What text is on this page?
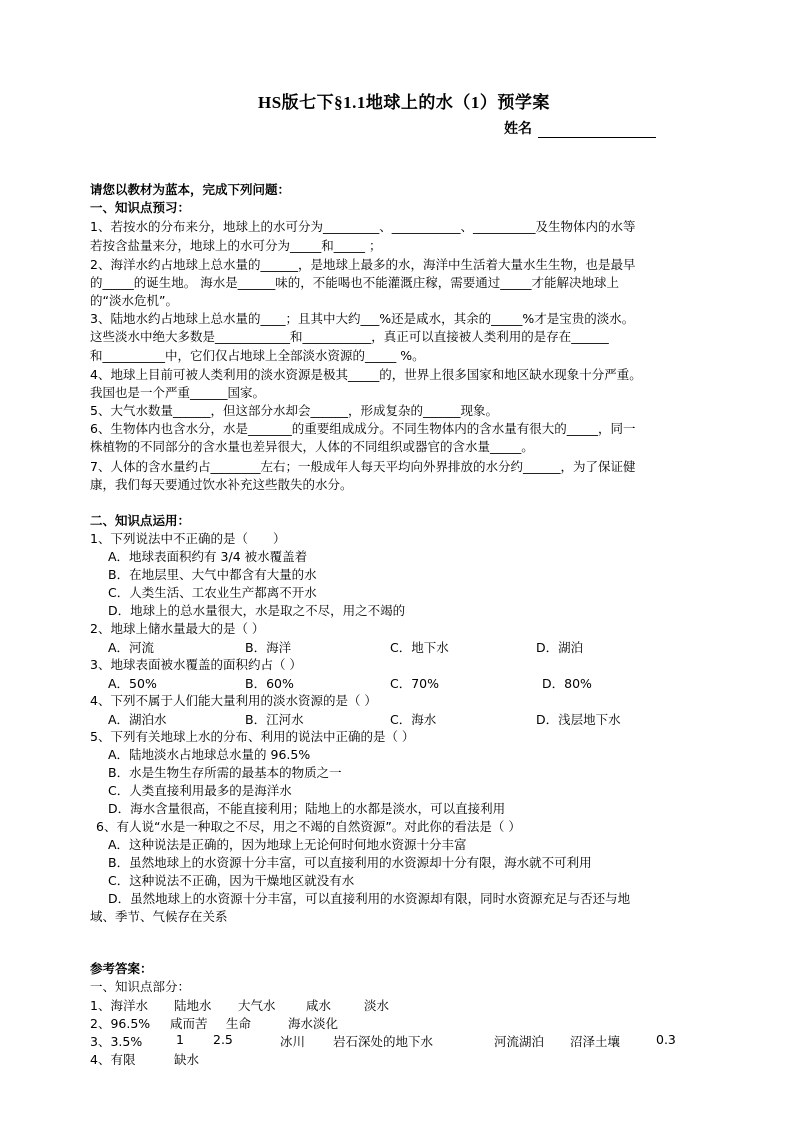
HS版七下§1.1地球上的水（1）预学案
姓名
请您以教材为蓝本，完成下列问题：
一、知识点预习：
1、若按水的分布来分，地球上的水可分为_________、___________、__________及生物体内的水等
若按含盐量来分，地球上的水可分为_____和_____ ；
2、海洋水约占地球上总水量的______，是地球上最多的水，海洋中生活着大量水生生物，也是最早
的_____的诞生地。 海水是______味的，不能喝也不能灌溉庄稼，需要通过_____才能解决地球上
的“淡水危机”。
3、陆地水约占地球上总水量的____；且其中大约___%还是咸水，其余的_____%才是宝贵的淡水。
这些淡水中绝大多数是____________和___________，真正可以直接被人类利用的是存在______
和__________中，它们仅占地球上全部淡水资源的_____ %。
4、地球上目前可被人类利用的淡水资源是极其_____的，世界上很多国家和地区缺水现象十分严重。
我国也是一个严重______国家。
5、大气水数量______，但这部分水却会______，形成复杂的______现象。
6、生物体内也含水分，水是_______的重要组成成分。不同生物体内的含水量有很大的_____，同一
株植物的不同部分的含水量也差异很大，人体的不同组织或器官的含水量_____。
7、人体的含水量约占________左右；一般成年人每天平均向外界排放的水分约______，为了保证健
康，我们每天要通过饮水补充这些散失的水分。
二、知识点运用：
1、下列说法中不正确的是（　　）
A．地球表面积约有 3/4 被水覆盖着
B．在地层里、大气中都含有大量的水
C．人类生活、工农业生产都离不开水
D．地球上的总水量很大，水是取之不尽，用之不竭的
2、地球上储水量最大的是（ ）
A．河流	B．海洋	C．地下水	D．湖泊
3、地球表面被水覆盖的面积约占（ ）
A．50%	B．60%	C．70%	D．80%
4、下列不属于人们能大量利用的淡水资源的是（ ）
A．湖泊水	B．江河水	C．海水	D．浅层地下水
5、下列有关地球上水的分布、利用的说法中正确的是（ ）
A．陆地淡水占地球总水量的 96.5%
B．水是生物生存所需的最基本的物质之一
C．人类直接利用最多的是海洋水
D．海水含量很高，不能直接利用；陆地上的水都是淡水，可以直接利用
6、有人说“水是一种取之不尽，用之不竭的自然资源”。对此你的看法是（ ）
A．这种说法是正确的，因为地球上无论何时何地水资源十分丰富
B．虽然地球上的水资源十分丰富，可以直接利用的水资源却十分有限，海水就不可利用
C．这种说法不正确，因为干燥地区就没有水
D．虽然地球上的水资源十分丰富，可以直接利用的水资源却有限，同时水资源充足与否还与地
域、季节、气候存在关系
参考答案：
一、知识点部分：
1、海洋水 陆地水 大气水 咸水	淡水
2、96.5% 咸而苦 生命	海水淡化
3、3.5%	1 2.5	冰川 岩石深处的地下水	河流湖泊 沼泽土壤	0.3
4、有限	缺水
